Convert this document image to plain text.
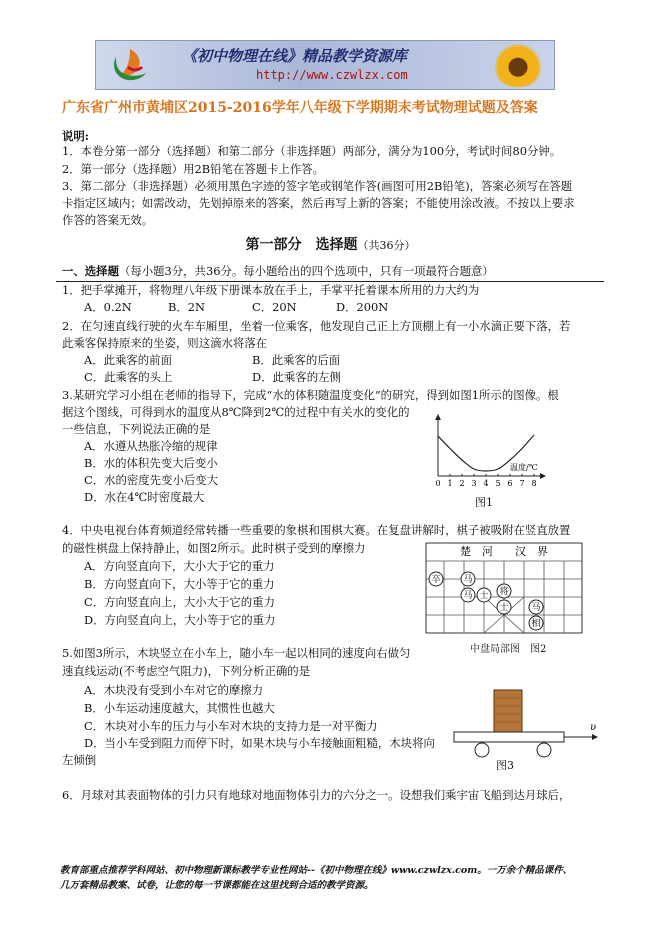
《初中物理在线》精品教学资源库
http://www.czwlzx.com
广东省广州市黄埔区2015-2016学年八年级下学期期末考试物理试题及答案
说明:
1．本卷分第一部分（选择题）和第二部分（非选择题）两部分，满分为100分，考试时间80分钟。
2．第一部分（选择题）用2B铅笔在答题卡上作答。
3．第二部分（非选择题）必须用黑色字迹的签字笔或钢笔作答(画图可用2B铅笔)，答案必须写在答题
卡指定区域内；如需改动，先划掉原来的答案，然后再写上新的答案；不能使用涂改液。不按以上要求
作答的答案无效。
第一部分　选择题（共36分）
一、选择题（每小题3分，共36分。每小题给出的四个选项中，只有一项最符合题意）
1．把手掌摊开，将物理八年级下册课本放在手上，手掌平托着课本所用的力大约为
A．0.2N	B．2N	C．20N	D．200N
2．在匀速直线行驶的火车车厢里，坐着一位乘客，他发现自己正上方顶棚上有一小水滴正要下落，若
此乘客保持原来的坐姿，则这滴水将落在
A．此乘客的前面	B．此乘客的后面
C．此乘客的头上	D．此乘客的左侧
3.某研究学习小组在老师的指导下，完成“水的体积随温度变化”的研究，得到如图1所示的图像。根
据这个图线，可得到水的温度从8℃降到2℃的过程中有关水的变化的
一些信息，下列说法正确的是
A．水遵从热胀冷缩的规律
B．水的体积先变大后变小
C．水的密度先变小后变大
D．水在4℃时密度最大
温度/℃
0 1 2 3 4 5 6 7 8
图1
4．中央电视台体育频道经常转播一些重要的象棋和围棋大赛。在复盘讲解时，棋子被吸附在竖直放置
的磁性棋盘上保持静止，如图2所示。此时棋子受到的摩擦力
A．方向竖直向下，大小大于它的重力
B．方向竖直向下，大小等于它的重力
C．方向竖直向上，大小大于它的重力
D．方向竖直向上，大小等于它的重力
楚　河　　汉　界
卒	马
马 士 将
士	马
相
中盘局部图　 图2
5.如图3所示，木块竖立在小车上，随小车一起以相同的速度向右做匀
速直线运动(不考虑空气阻力)，下列分析正确的是
A．木块没有受到小车对它的摩擦力
B．小车运动速度越大，其惯性也越大
C．木块对小车的压力与小车对木块的支持力是一对平衡力
D．当小车受到阻力而停下时，如果木块与小车接触面粗糙，木块将向
左倾倒
υ
图3
6．月球对其表面物体的引力只有地球对地面物体引力的六分之一。设想我们乘宇宙飞船到达月球后，
教育部重点推荐学科网站、初中物理新课标教学专业性网站--《初中物理在线》www.czwlzx.com。一万余个精品课件、
几万套精品教案、试卷，让您的每一节课都能在这里找到合适的教学资源。
